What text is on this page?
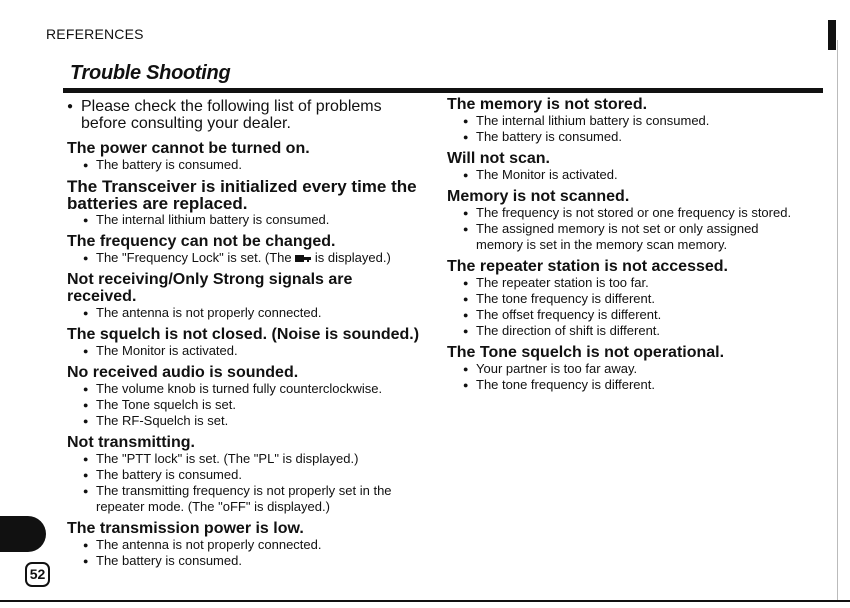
REFERENCES
Trouble Shooting
● Please check the following list of problems before consulting your dealer.

The power cannot be turned on.

● The battery is consumed.

The Transceiver is initialized every time the batteries are replaced.

● The internal lithium battery is consumed.

The frequency can not be changed.

● The "Frequency Lock" is set. (The is displayed.)

Not receiving/Only Strong signals are received.

● The antenna is not properly connected.

The squelch is not closed. (Noise is sounded.)

● The Monitor is activated.

No received audio is sounded.

● The volume knob is turned fully counterclockwise.
● The Tone squelch is set.
● The RF-Squelch is set.

Not transmitting.

● The "PTT lock" is set. (The "PL" is displayed.)
● The battery is consumed.
● The transmitting frequency is not properly set in the repeater mode. (The "oFF" is displayed.)

The transmission power is low.

● The antenna is not properly connected.
● The battery is consumed.

The memory is not stored.

● The internal lithium battery is consumed.
● The battery is consumed.

Will not scan.

● The Monitor is activated.

Memory is not scanned.

● The frequency is not stored or one frequency is stored.
● The assigned memory is not set or only assigned memory is set in the memory scan memory.

The repeater station is not accessed.

● The repeater station is too far.
● The tone frequency is different.
● The offset frequency is different.
● The direction of shift is different.

The Tone squelch is not operational.

● Your partner is too far away.
● The tone frequency is different.
52
